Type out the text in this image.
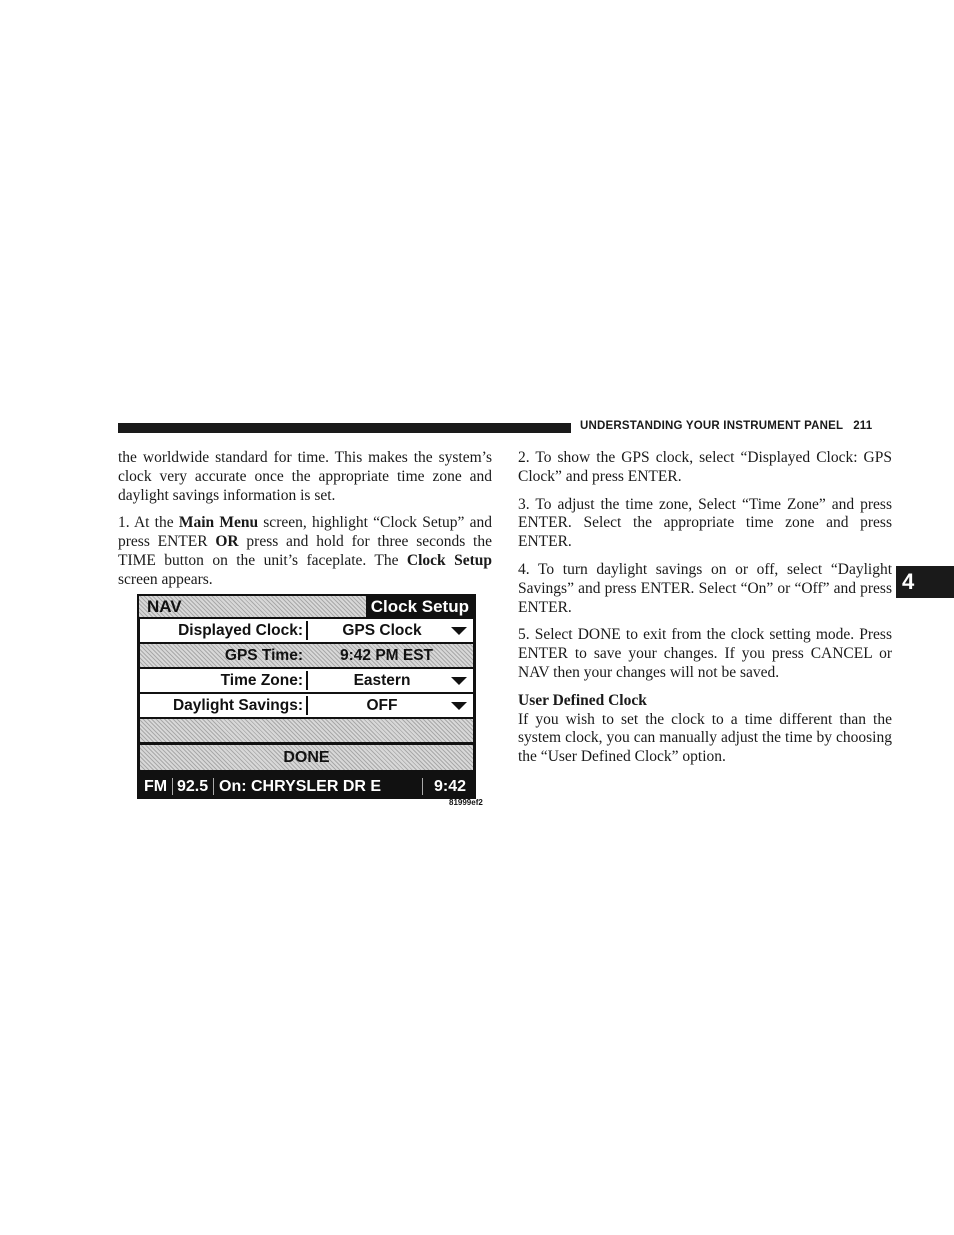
UNDERSTANDING YOUR INSTRUMENT PANEL 211
4

the worldwide standard for time. This makes the system’s clock very accurate once the appropriate time zone and daylight savings information is set.

1. At the Main Menu screen, highlight “Clock Setup” and press ENTER OR press and hold for three seconds the TIME button on the unit’s faceplate. The Clock Setup screen appears.

NAV	Clock Setup
Displayed Clock:	GPS Clock
GPS Time: 9:42 PM EST
Time Zone:	Eastern
Daylight Savings:	OFF
DONE
FM 92.5 On: CHRYSLER DR E	9:42
81999ef2

2. To show the GPS clock, select “Displayed Clock: GPS Clock” and press ENTER.

3. To adjust the time zone, Select “Time Zone” and press ENTER. Select the appropriate time zone and press ENTER.

4. To turn daylight savings on or off, select “Daylight Savings” and press ENTER. Select “On” or “Off” and press ENTER.

5. Select DONE to exit from the clock setting mode. Press ENTER to save your changes. If you press CANCEL or NAV then your changes will not be saved.

User Defined Clock

If you wish to set the clock to a time different than the system clock, you can manually adjust the time by choosing the “User Defined Clock” option.
